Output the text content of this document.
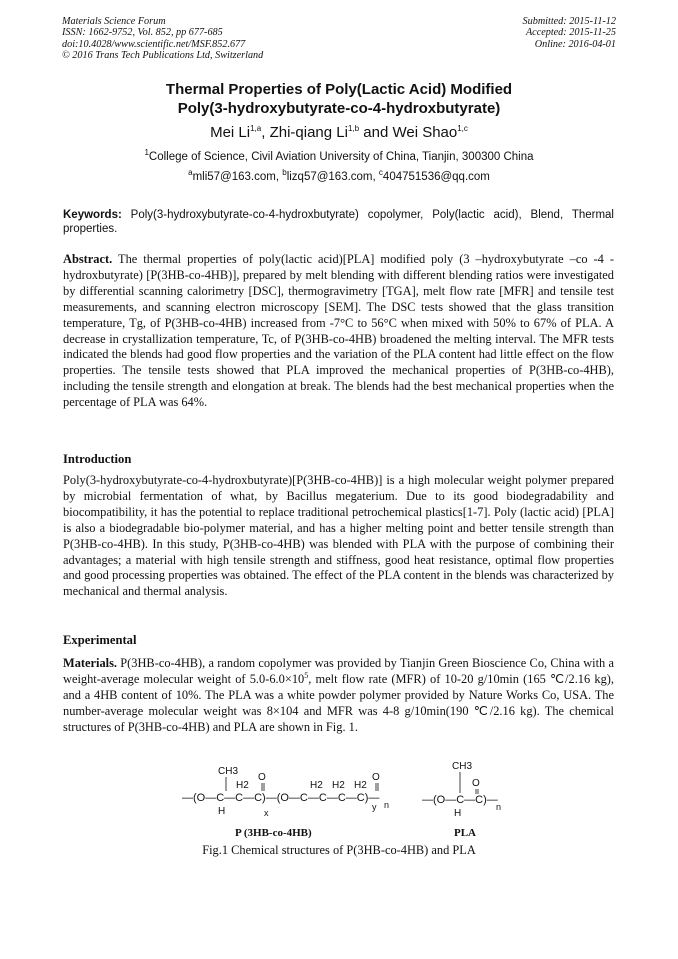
Materials Science Forum
ISSN: 1662-9752, Vol. 852, pp 677-685
doi:10.4028/www.scientific.net/MSF.852.677
© 2016 Trans Tech Publications Ltd, Switzerland
Submitted: 2015-11-12
Accepted: 2015-11-25
Online: 2016-04-01
Thermal Properties of Poly(Lactic Acid) Modified
Poly(3-hydroxybutyrate-co-4-hydroxbutyrate)
Mei Li$^{1,a}$, Zhi-qiang Li$^{1,b}$ and Wei Shao$^{1,c}$
$^1$College of Science, Civil Aviation University of China, Tianjin, 300300 China
$^a$mli57@163.com, $^b$lizq57@163.com, $^c$404751536@qq.com
Keywords: Poly(3-hydroxybutyrate-co-4-hydroxbutyrate) copolymer, Poly(lactic acid), Blend, Thermal properties.
Abstract. The thermal properties of poly(lactic acid)[PLA] modified poly (3 –hydroxybutyrate –co -4 -hydroxbutyrate) [P(3HB-co-4HB)], prepared by melt blending with different blending ratios were investigated by differential scanning calorimetry [DSC], thermogravimetry [TGA], melt flow rate [MFR] and tensile test measurements, and scanning electron microscopy [SEM]. The DSC tests showed that the glass transition temperature, Tg, of P(3HB-co-4HB) increased from -7°C to 56°C when mixed with 50% to 67% of PLA. A decrease in crystallization temperature, Tc, of P(3HB-co-4HB) broadened the melting interval. The MFR tests indicated the blends had good flow properties and the variation of the PLA content had little effect on the flow properties. The tensile tests showed that PLA improved the mechanical properties of P(3HB-co-4HB), including the tensile strength and elongation at break. The blends had the best mechanical properties when the percentage of PLA was 64%.
Introduction
Poly(3-hydroxybutyrate-co-4-hydroxbutyrate)[P(3HB-co-4HB)] is a high molecular weight polymer prepared by microbial fermentation of what, by Bacillus megaterium. Due to its good biodegradability and biocompatibility, it has the potential to replace traditional petrochemical plastics[1-7]. Poly (lactic acid) [PLA] is also a biodegradable bio-polymer material, and has a higher melting point and better tensile strength than P(3HB-co-4HB). In this study, P(3HB-co-4HB) was blended with PLA with the purpose of combining their advantages; a material with high tensile strength and stiffness, good heat resistance, optimal flow properties and good processing properties was obtained. The effect of the PLA content in the blends was characterized by mechanical and thermal analysis.
Experimental
Materials. P(3HB-co-4HB), a random copolymer was provided by Tianjin Green Bioscience Co, China with a weight-average molecular weight of $5.0-6.0\times 10^5$, melt flow rate (MFR) of 10-20 g/10min (165 ℃/2.16 kg), and a 4HB content of 10%. The PLA was a white powder polymer provided by Nature Works Co, USA. The number-average molecular weight was 8×104 and MFR was 4-8 g/10min(190 ℃/2.16 kg). The chemical structures of P(3HB-co-4HB) and PLA are shown in Fig. 1.
CH3
H2
O
H2 H2 H2
O
—(O—C—C—C)—(O—C—C—C—C)—
H	x
y n
P (3HB-co-4HB)
CH3
O
—(O—C—C)—
H
n
PLA
Fig.1 Chemical structures of P(3HB-co-4HB) and PLA
